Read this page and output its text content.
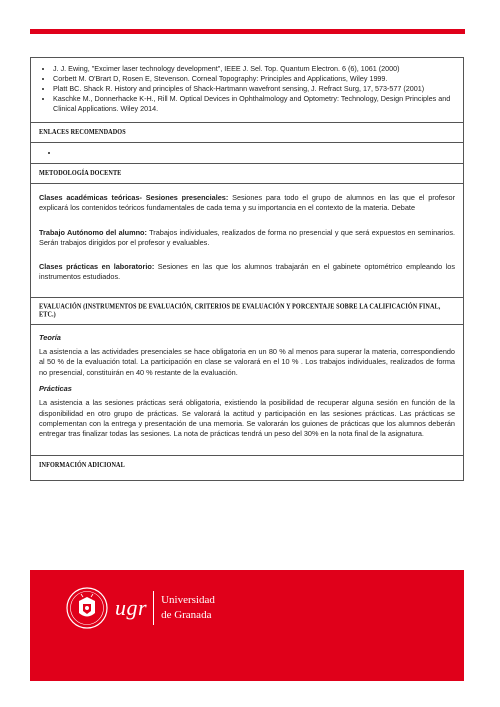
• J. J. Ewing, "Excimer laser technology development", IEEE J. Sel. Top. Quantum Electron. 6 (6), 1061 (2000)
• Corbett M. O'Brart D, Rosen E, Stevenson. Corneal Topography: Principles and Applications, Wiley 1999.
• Platt BC. Shack R. History and principles of Shack-Hartmann wavefront sensing, J. Refract Surg, 17, 573-577 (2001)
• Kaschke M., Donnerhacke K-H., Rill M. Optical Devices in Ophthalmology and Optometry: Technology, Design Principles and Clinical Applications. Wiley 2014.
ENLACES RECOMENDADOS
•
METODOLOGÍA DOCENTE

Clases académicas teóricas- Sesiones presenciales: Sesiones para todo el grupo de alumnos en las que el profesor explicará los contenidos teóricos fundamentales de cada tema y su importancia en el contexto de la materia. Debate

Trabajo Autónomo del alumno: Trabajos individuales, realizados de forma no presencial y que será expuestos en seminarios. Serán trabajos dirigidos por el profesor y evaluables.

Clases prácticas en laboratorio: Sesiones en las que los alumnos trabajarán en el gabinete optométrico empleando los instrumentos estudiados.

EVALUACIÓN (INSTRUMENTOS DE EVALUACIÓN, CRITERIOS DE EVALUACIÓN Y PORCENTAJE SOBRE LA CALIFICACIÓN FINAL, ETC.)
Teoría
La asistencia a las actividades presenciales se hace obligatoria en un 80 % al menos para superar la materia, correspondiendo al 50 % de la evaluación total. La participación en clase se valorará en el 10 % . Los trabajos individuales, realizados de forma no presencial, constituirán en 40 % restante de la evaluación.
Prácticas
La asistencia a las sesiones prácticas será obligatoria, existiendo la posibilidad de recuperar alguna sesión en función de la disponibilidad en otro grupo de prácticas. Se valorará la actitud y participación en las sesiones prácticas. Las prácticas se complementan con la entrega y presentación de una memoria. Se valorarán los guiones de prácticas que los alumnos deberán entregar tras finalizar todas las sesiones. La nota de prácticas tendrá un peso del 30% en la nota final de la asignatura.
INFORMACIÓN ADICIONAL
ugr Universidad
de Granada
